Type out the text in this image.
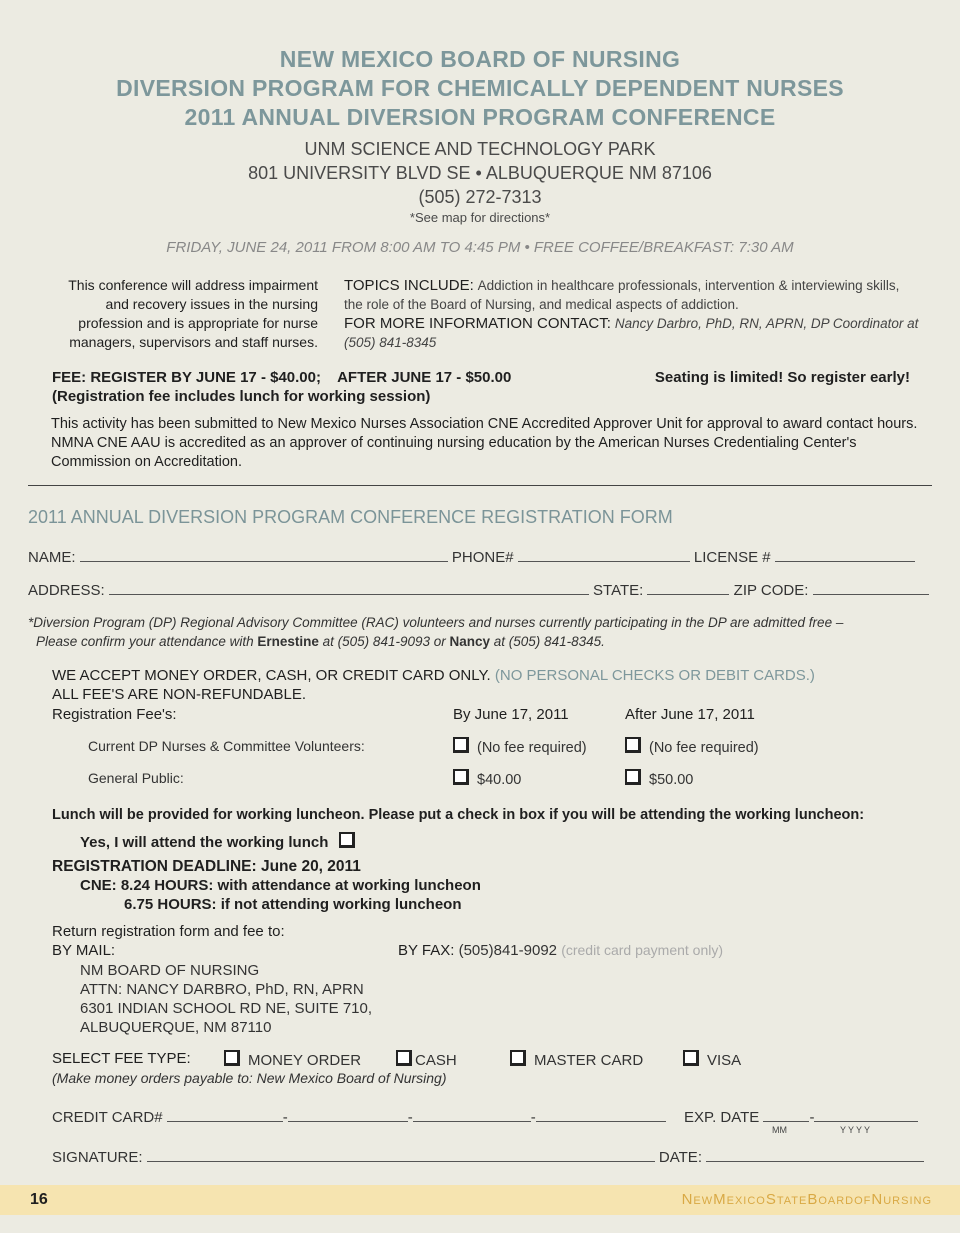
NEW MEXICO BOARD OF NURSING
DIVERSION PROGRAM FOR CHEMICALLY DEPENDENT NURSES
2011 ANNUAL DIVERSION PROGRAM CONFERENCE
UNM SCIENCE AND TECHNOLOGY PARK
801 UNIVERSITY BLVD SE • ALBUQUERQUE NM 87106
(505) 272-7313
*See map for directions*
FRIDAY, JUNE 24, 2011 FROM 8:00 AM TO 4:45 PM • FREE COFFEE/BREAKFAST: 7:30 AM
This conference will address impairment and recovery issues in the nursing profession and is appropriate for nurse managers, supervisors and staff nurses.
TOPICS INCLUDE: Addiction in healthcare professionals, intervention & interviewing skills, the role of the Board of Nursing, and medical aspects of addiction.
FOR MORE INFORMATION CONTACT: Nancy Darbro, PhD, RN, APRN, DP Coordinator at (505) 841-8345
FEE: REGISTER BY JUNE 17 - $40.00;    AFTER JUNE 17 - $50.00
(Registration fee includes lunch for working session)
Seating is limited! So register early!
This activity has been submitted to New Mexico Nurses Association CNE Accredited Approver Unit for approval to award contact hours. NMNA CNE AAU is accredited as an approver of continuing nursing education by the American Nurses Credentialing Center's Commission on Accreditation.
2011 ANNUAL DIVERSION PROGRAM CONFERENCE REGISTRATION FORM
NAME:	PHONE#	LICENSE #
ADDRESS:	STATE:	ZIP CODE:
*Diversion Program (DP) Regional Advisory Committee (RAC) volunteers and nurses currently participating in the DP are admitted free –
Please confirm your attendance with Ernestine at (505) 841-9093 or Nancy at (505) 841-8345.
WE ACCEPT MONEY ORDER, CASH, OR CREDIT CARD ONLY. (NO PERSONAL CHECKS OR DEBIT CARDS.)
ALL FEE'S ARE NON-REFUNDABLE.
Registration Fee's:	By June 17, 2011	After June 17, 2011
Current DP Nurses & Committee Volunteers:	(No fee required)	(No fee required)
General Public:	$40.00	$50.00
Lunch will be provided for working luncheon. Please put a check in box if you will be attending the working luncheon:
Yes, I will attend the working lunch
REGISTRATION DEADLINE: June 20, 2011
CNE: 8.24 HOURS: with attendance at working luncheon
6.75 HOURS: if not attending working luncheon
Return registration form and fee to:
BY MAIL:	BY FAX: (505)841-9092 (credit card payment only)
NM BOARD OF NURSING
ATTN: NANCY DARBRO, PhD, RN, APRN
6301 INDIAN SCHOOL RD NE, SUITE 710,
ALBUQUERQUE, NM 87110
SELECT FEE TYPE:	MONEY ORDER	CASH	MASTER CARD	VISA
(Make money orders payable to: New Mexico Board of Nursing)
CREDIT CARD#	-	-	-	EXP. DATE	-
MM	YYYY
SIGNATURE:	DATE:
16	NewMexicoStateBoardofNursing
